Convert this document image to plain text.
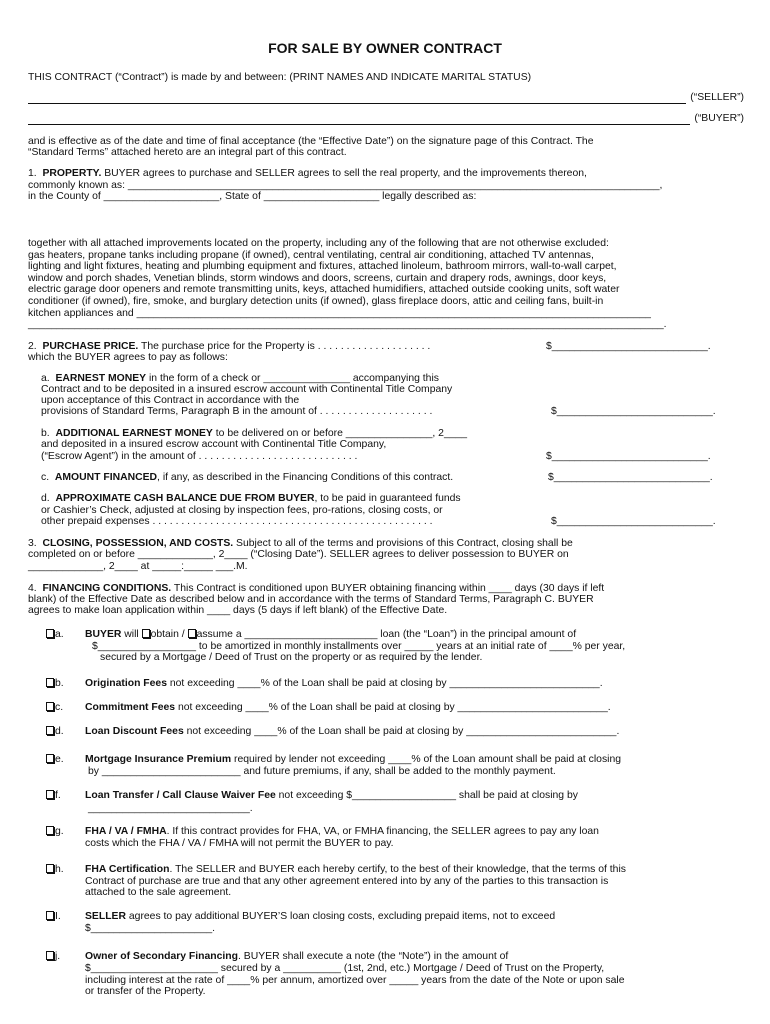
FOR SALE BY OWNER CONTRACT
THIS CONTRACT (“Contract”) is made by and between: (PRINT NAMES AND INDICATE MARITAL STATUS)
(“SELLER”)
(“BUYER”)
and is effective as of the date and time of final acceptance (the “Effective Date”) on the signature page of this Contract. The
“Standard Terms” attached hereto are an integral part of this contract.
1. PROPERTY. BUYER agrees to purchase and SELLER agrees to sell the real property, and the improvements thereon,
commonly known as: ____________________________________________________________________________________________,
in the County of ____________________, State of ____________________ legally described as:
together with all attached improvements located on the property, including any of the following that are not otherwise excluded:
gas heaters, propane tanks including propane (if owned), central ventilating, central air conditioning, attached TV antennas,
lighting and light fixtures, heating and plumbing equipment and fixtures, attached linoleum, bathroom mirrors, wall-to-wall carpet,
window and porch shades, Venetian blinds, storm windows and doors, screens, curtain and drapery rods, awnings, door keys,
electric garage door openers and remote transmitting units, keys, attached humidifiers, attached outside cooking units, soft water
conditioner (if owned), fire, smoke, and burglary detection units (if owned), glass fireplace doors, attic and ceiling fans, built-in
kitchen appliances and _________________________________________________________________________________________
______________________________________________________________________________________________________________.
2. PURCHASE PRICE. The purchase price for the Property is . . . . . . . . . . . . . . . . . . . .	$___________________________.
which the BUYER agrees to pay as follows:
a. EARNEST MONEY in the form of a check or _______________ accompanying this
Contract and to be deposited in a insured escrow account with Continental Title Company
upon acceptance of this Contract in accordance with the
provisions of Standard Terms, Paragraph B in the amount of . . . . . . . . . . . . . . . . . . . .	$___________________________.
b. ADDITIONAL EARNEST MONEY to be delivered on or before _______________, 2____
and deposited in a insured escrow account with Continental Title Company,
(“Escrow Agent”) in the amount of . . . . . . . . . . . . . . . . . . . . . . . . . . . .	$___________________________.
c. AMOUNT FINANCED, if any, as described in the Financing Conditions of this contract.	$___________________________.
d. APPROXIMATE CASH BALANCE DUE FROM BUYER, to be paid in guaranteed funds
or Cashier’s Check, adjusted at closing by inspection fees, pro-rations, closing costs, or
other prepaid expenses . . . . . . . . . . . . . . . . . . . . . . . . . . . . . . . . . . . . . . . . . . . . . . . . .	$___________________________.
3. CLOSING, POSSESSION, AND COSTS. Subject to all of the terms and provisions of this Contract, closing shall be
completed on or before _____________, 2____ (“Closing Date”). SELLER agrees to deliver possession to BUYER on
_____________, 2____ at _____:_____ ___.M.
4. FINANCING CONDITIONS. This Contract is conditioned upon BUYER obtaining financing within ____ days (30 days if left
blank) of the Effective Date as described below and in accordance with the terms of Standard Terms, Paragraph C. BUYER
agrees to make loan application within ____ days (5 days if left blank) of the Effective Date.
a. BUYER will obtain / assume a _______________________ loan (the “Loan”) in the principal amount of
$_________________ to be amortized in monthly installments over _____ years at an initial rate of ____% per year,
secured by a Mortgage / Deed of Trust on the property or as required by the lender.
b. Origination Fees not exceeding ____% of the Loan shall be paid at closing by __________________________.
c. Commitment Fees not exceeding ____% of the Loan shall be paid at closing by __________________________.
d. Loan Discount Fees not exceeding ____% of the Loan shall be paid at closing by __________________________.
e. Mortgage Insurance Premium required by lender not exceeding ____% of the Loan amount shall be paid at closing
by ________________________ and future premiums, if any, shall be added to the monthly payment.
f. Loan Transfer / Call Clause Waiver Fee not exceeding $__________________ shall be paid at closing by
____________________________.
g. FHA / VA / FMHA. If this contract provides for FHA, VA, or FMHA financing, the SELLER agrees to pay any loan
costs which the FHA / VA / FMHA will not permit the BUYER to pay.
h. FHA Certification. The SELLER and BUYER each hereby certify, to the best of their knowledge, that the terms of this
Contract of purchase are true and that any other agreement entered into by any of the parties to this transaction is
attached to the sale agreement.
I. SELLER agrees to pay additional BUYER’S loan closing costs, excluding prepaid items, not to exceed
$_____________________.
j. Owner of Secondary Financing. BUYER shall execute a note (the “Note”) in the amount of
$______________________ secured by a __________ (1st, 2nd, etc.) Mortgage / Deed of Trust on the Property,
including interest at the rate of ____% per annum, amortized over _____ years from the date of the Note or upon sale
or transfer of the Property.
